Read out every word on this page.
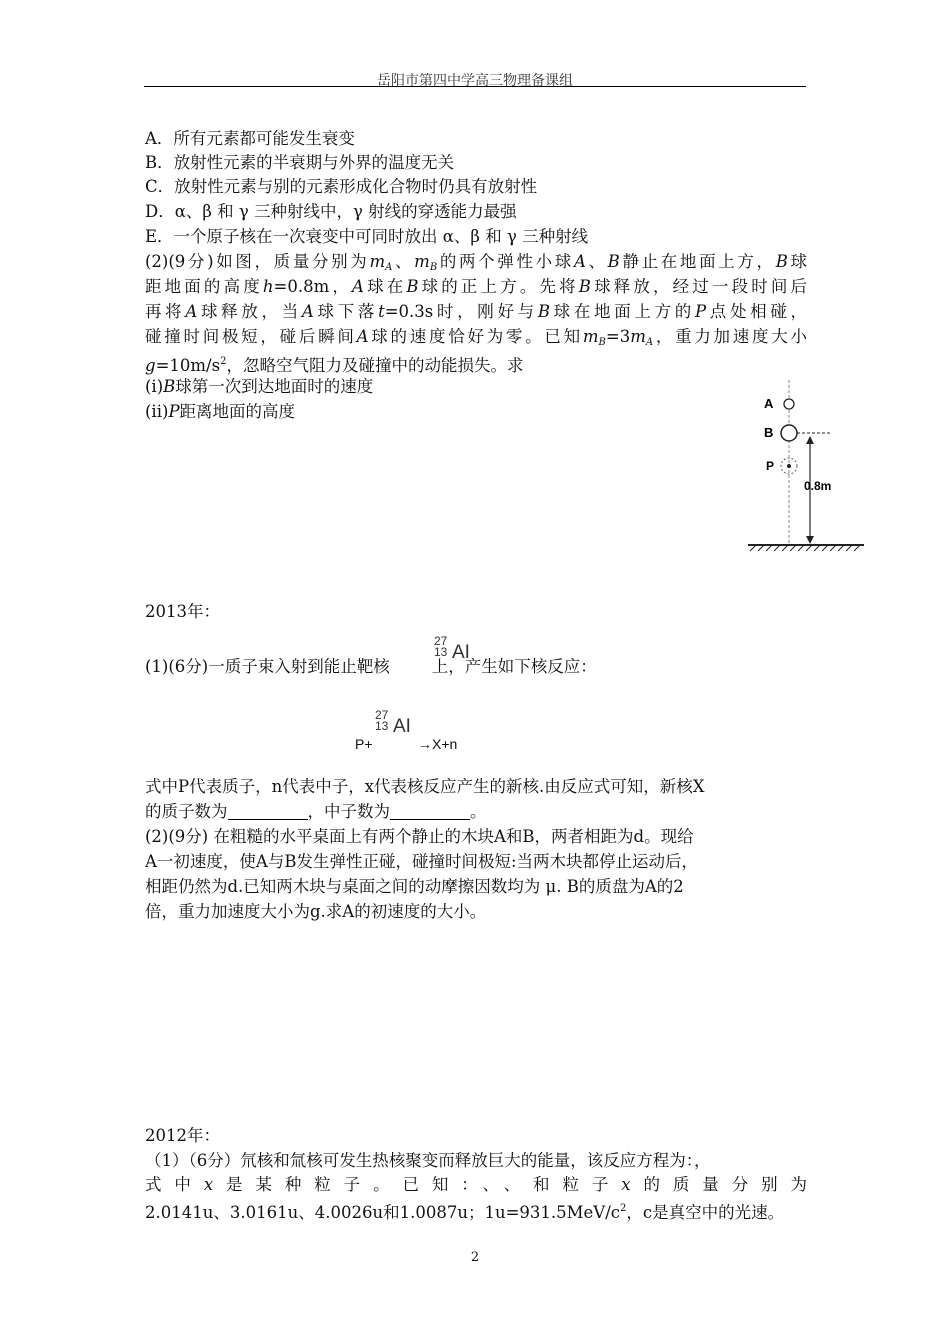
岳阳市第四中学高三物理备课组
A．所有元素都可能发生衰变
B．放射性元素的半衰期与外界的温度无关
C．放射性元素与别的元素形成化合物时仍具有放射性
D．α、β 和 γ 三种射线中，γ 射线的穿透能力最强
E．一个原子核在一次衰变中可同时放出 α、β 和 γ 三种射线
(2)(9分)如图，质量分别为$m_A$、$m_B$的两个弹性小球A、B静止在地面上方，B球
距地面的高度h=0.8m，A球在B球的正上方。先将B球释放，经过一段时间后
再将A球释放，当A球下落t=0.3s时，刚好与B球在地面上方的P点处相碰，
碰撞时间极短，碰后瞬间A球的速度恰好为零。已知$m_B=3m_A$，重力加速度大小
$g=10m/s^2$，忽略空气阻力及碰撞中的动能损失。求
(i)B球第一次到达地面时的速度
(ii)P距离地面的高度	A
B
P
0.8m
2013年：
(1)(6分)一质子束入射到能止靶核	上，产生如下核反应：
27
13 AI
27
13 AI
P+	→X+n
式中P代表质子，n代表中子，x代表核反应产生的新核.由反应式可知，新核X
的质子数为	，中子数为	。
(2)(9分) 在粗糙的水平桌面上有两个静止的木块A和B，两者相距为d。现给
A一初速度，使A与B发生弹性正碰，碰撞时间极短:当两木块都停止运动后，
相距仍然为d.已知两木块与桌面之间的动摩擦因数均为 μ. B的质盘为A的2
倍，重力加速度大小为g.求A的初速度的大小。
2012年：
（1）（6分）氘核和氚核可发生热核聚变而释放巨大的能量，该反应方程为：，
式中x是某种粒子。已知：、、和粒子x的质量分别为
2.0141u、3.0161u、4.0026u和1.0087u；$1u=931.5MeV/c^2$，c是真空中的光速。
2
